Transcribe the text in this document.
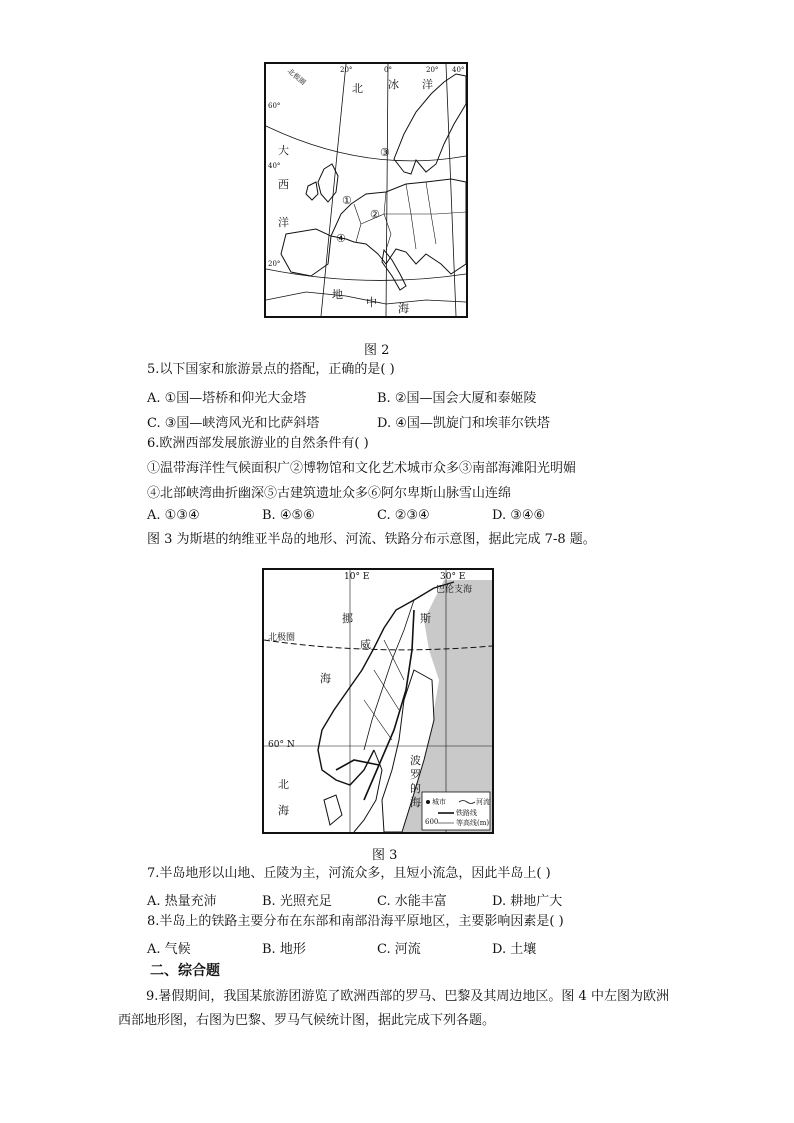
20°	0°	20° 40°
60°
40°
20°
北极圈
北 冰 洋
大
西
洋
③
①
②
④
地
中 海
图 2
5.以下国家和旅游景点的搭配，正确的是( )
A. ①国—塔桥和仰光大金塔	B. ②国—国会大厦和泰姬陵
C. ③国—峡湾风光和比萨斜塔	D. ④国—凯旋门和埃菲尔铁塔
6.欧洲西部发展旅游业的自然条件有( )
①温带海洋性气候面积广②博物馆和文化艺术城市众多③南部海滩阳光明媚
④北部峡湾曲折幽深⑤古建筑遗址众多⑥阿尔卑斯山脉雪山连绵
A. ①③④	B. ④⑤⑥	C. ②③④	D. ③④⑥
图 3 为斯堪的纳维亚半岛的地形、河流、铁路分布示意图，据此完成 7-8 题。
10° E	30° E
巴伦支海
北极圈
60° N
挪
威
海
斯
北
海
波
罗
的
海 城市	河流
铁路线
600	等高线(m)
图 3
7.半岛地形以山地、丘陵为主，河流众多，且短小流急，因此半岛上( )
A. 热量充沛	B. 光照充足	C. 水能丰富	D. 耕地广大
8.半岛上的铁路主要分布在东部和南部沿海平原地区，主要影响因素是( )
A. 气候	B. 地形	C. 河流	D. 土壤
二、综合题
9.暑假期间，我国某旅游团游览了欧洲西部的罗马、巴黎及其周边地区。图 4 中左图为欧洲西部地形图，右图为巴黎、罗马气候统计图，据此完成下列各题。
